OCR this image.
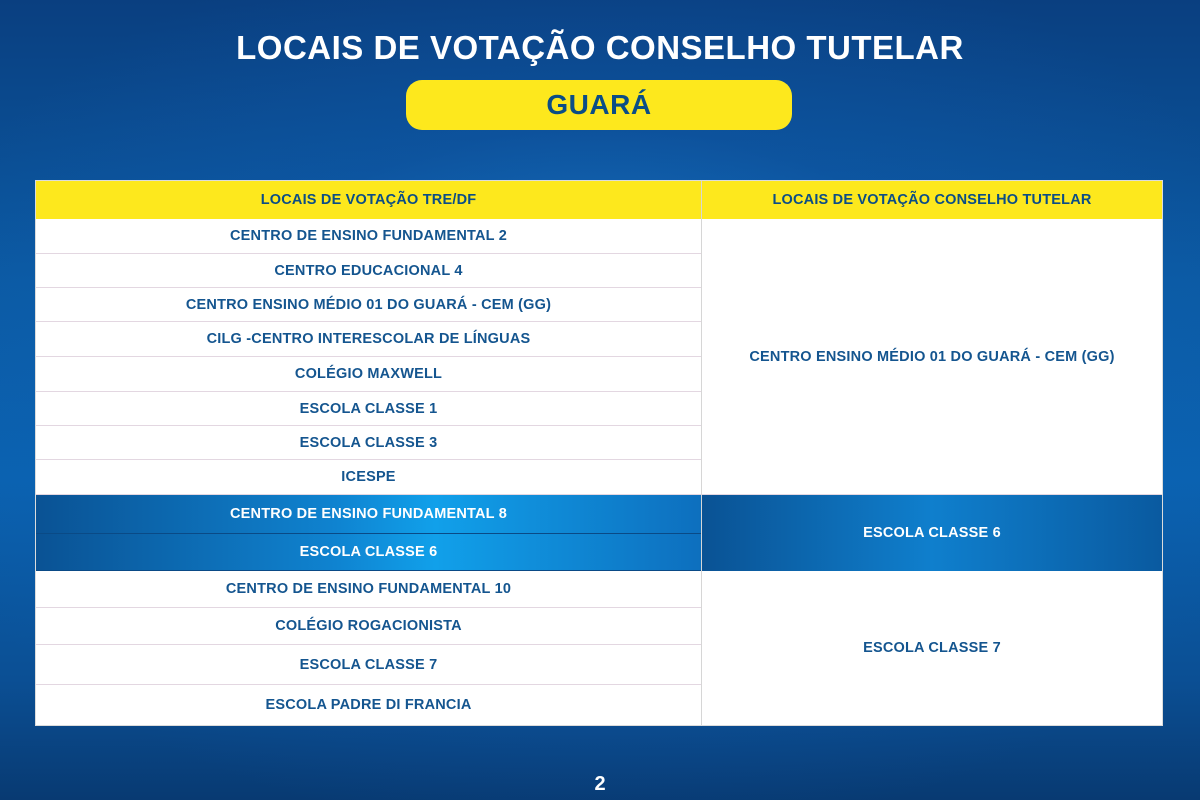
LOCAIS DE VOTAÇÃO CONSELHO TUTELAR
GUARÁ
LOCAIS DE VOTAÇÃO TRE/DF
CENTRO DE ENSINO FUNDAMENTAL 2
CENTRO EDUCACIONAL 4
CENTRO ENSINO MÉDIO 01 DO GUARÁ - CEM (GG)
CILG -CENTRO INTERESCOLAR DE LÍNGUAS
COLÉGIO MAXWELL
ESCOLA CLASSE 1
ESCOLA CLASSE 3
ICESPE
CENTRO DE ENSINO FUNDAMENTAL 8
ESCOLA CLASSE 6
CENTRO DE ENSINO FUNDAMENTAL 10
COLÉGIO ROGACIONISTA
ESCOLA CLASSE 7
ESCOLA PADRE DI FRANCIA
LOCAIS DE VOTAÇÃO CONSELHO TUTELAR
CENTRO ENSINO MÉDIO 01 DO GUARÁ - CEM (GG)
ESCOLA CLASSE 6
ESCOLA CLASSE 7
2
